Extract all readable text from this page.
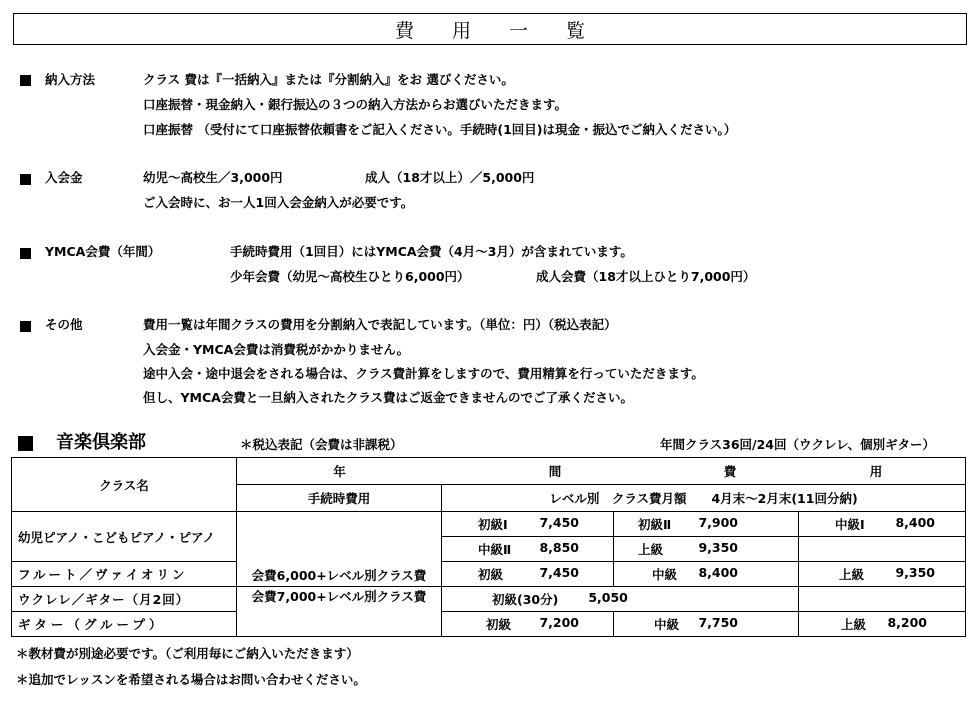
費　　用　　一　　覧
納入方法	クラス 費は『一括納入』または『分割納入』をお 選びください。
口座振替・現金納入・銀行振込の３つの納入方法からお選びいただきます。
口座振替 （受付にて口座振替依頼書をご記入ください。手続時(1回目)は現金・振込でご納入ください。）
入会金	幼児～高校生／3,000円	成人（18才以上）／5,000円
ご入会時に、お一人1回入会金納入が必要です。
YMCA会費（年間）	手続時費用（1回目）にはYMCA会費（4月～3月）が含まれています。
少年会費（幼児～高校生ひとり6,000円）	成人会費（18才以上ひとり7,000円）
その他	費用一覧は年間クラスの費用を分割納入で表記しています。（単位：円）（税込表記）
入会金・YMCA会費は消費税がかかりません。
途中入会・途中退会をされる場合は、クラス費計算をしますので、費用精算を行っていただきます。
但し、YMCA会費と一旦納入されたクラス費はご返金できませんのでご了承ください。
音楽倶楽部	＊税込表記（会費は非課税）	年間クラス36回/24回（ウクレレ、個別ギター）
クラス名	年 間 費 用			

	手続時費用	レベル別　クラス費月額　　4月末～2月末(11回分納)		
幼児ピアノ・こどもピアノ・ピアノ	会費6,000+レベル別クラス費	初級Ⅰ 7,450	初級Ⅱ 7,900	中級Ⅰ 8,400

		中級Ⅱ 8,850	上級 9,350	

フルート／ヴァイオリン		初級 7,450	中級 8,400	上級 9,350

ウクレレ／ギター（月2回）	会費7,000+レベル別クラス費	初級(30分) 5,050		

ギター（グループ）		初級 7,200	中級 7,750	上級 8,200
＊教材費が別途必要です。（ご利用毎にご納入いただきます）
＊追加でレッスンを希望される場合はお問い合わせください。
